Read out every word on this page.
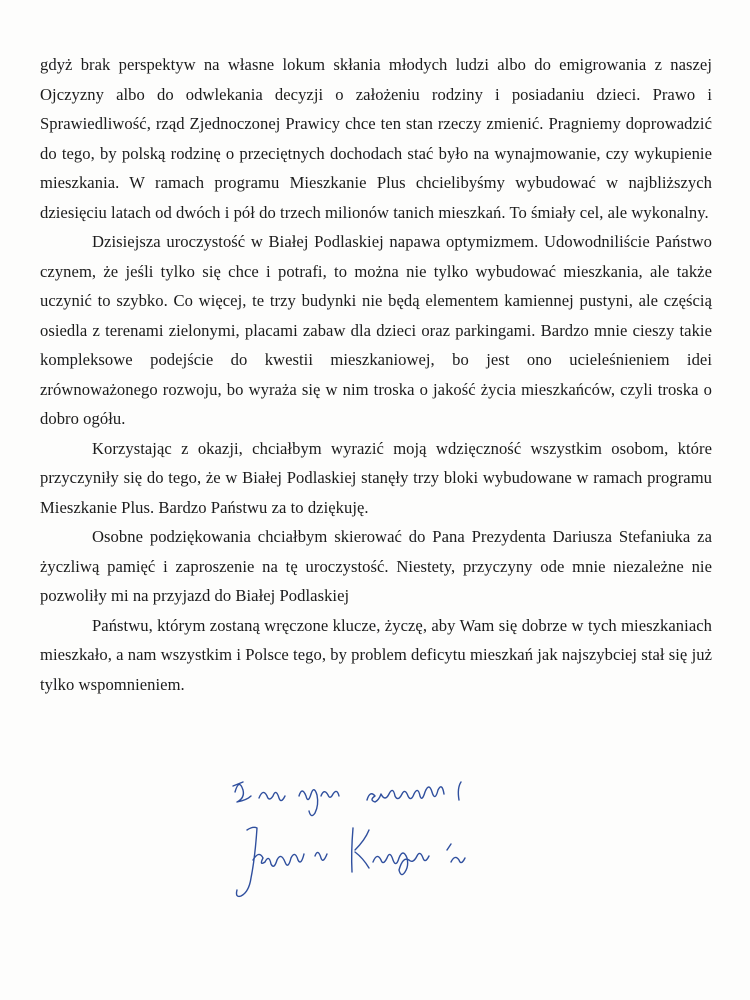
gdyż brak perspektyw na własne lokum skłania młodych ludzi albo do emigrowania z naszej Ojczyzny albo do odwlekania decyzji o założeniu rodziny i posiadaniu dzieci. Prawo i Sprawiedliwość, rząd Zjednoczonej Prawicy chce ten stan rzeczy zmienić. Pragniemy doprowadzić do tego, by polską rodzinę o przeciętnych dochodach stać było na wynajmowanie, czy wykupienie mieszkania. W ramach programu Mieszkanie Plus chcielibyśmy wybudować w najbliższych dziesięciu latach od dwóch i pół do trzech milionów tanich mieszkań. To śmiały cel, ale wykonalny.

Dzisiejsza uroczystość w Białej Podlaskiej napawa optymizmem. Udowodniliście Państwo czynem, że jeśli tylko się chce i potrafi, to można nie tylko wybudować mieszkania, ale także uczynić to szybko. Co więcej, te trzy budynki nie będą elementem kamiennej pustyni, ale częścią osiedla z terenami zielonymi, placami zabaw dla dzieci oraz parkingami. Bardzo mnie cieszy takie kompleksowe podejście do kwestii mieszkaniowej, bo jest ono ucieleśnieniem idei zrównoważonego rozwoju, bo wyraża się w nim troska o jakość życia mieszkańców, czyli troska o dobro ogółu.

Korzystając z okazji, chciałbym wyrazić moją wdzięczność wszystkim osobom, które przyczyniły się do tego, że w Białej Podlaskiej stanęły trzy bloki wybudowane w ramach programu Mieszkanie Plus. Bardzo Państwu za to dziękuję.

Osobne podziękowania chciałbym skierować do Pana Prezydenta Dariusza Stefaniuka za życzliwą pamięć i zaproszenie na tę uroczystość. Niestety, przyczyny ode mnie niezależne nie pozwoliły mi na przyjazd do Białej Podlaskiej

Państwu, którym zostaną wręczone klucze, życzę, aby Wam się dobrze w tych mieszkaniach mieszkało, a nam wszystkim i Polsce tego, by problem deficytu mieszkań jak najszybciej stał się już tylko wspomnieniem.
